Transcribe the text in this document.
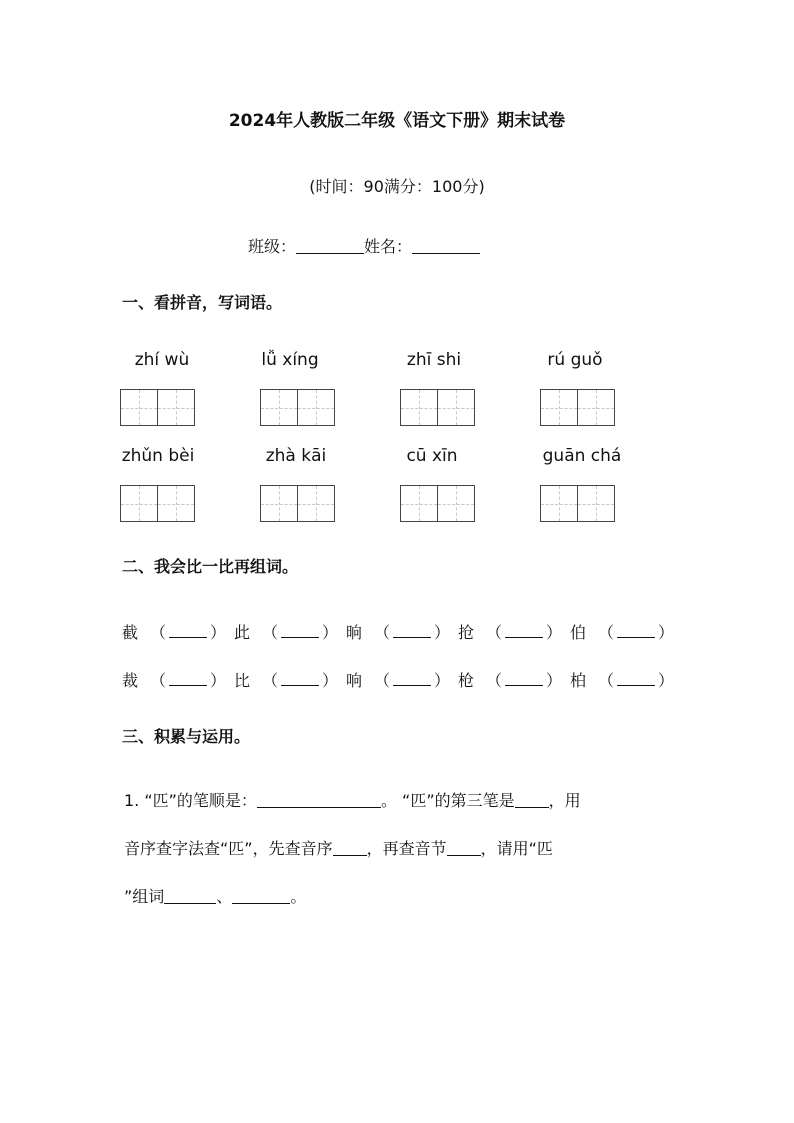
2024年人教版二年级《语文下册》期末试卷
(时间：90满分：100分)
班级：	姓名：
一、看拼音，写词语。
zhí wù	lǚ xíng	zhī shi	rú guǒ
zhǔn bèi	zhà kāi	cū xīn	guān chá
二、我会比一比再组词。
截 （	） 此 （	） 晌 （	） 抢 （	） 伯 （	）
裁 （	） 比 （	） 响 （	） 枪 （	） 柏 （	）
三、积累与运用。
1. “匹”的笔顺是：	。 “匹”的第三笔是 ，用
音序查字法查“匹”，先查音序 ，再查音节 ，请用“匹
”组词	、	。
